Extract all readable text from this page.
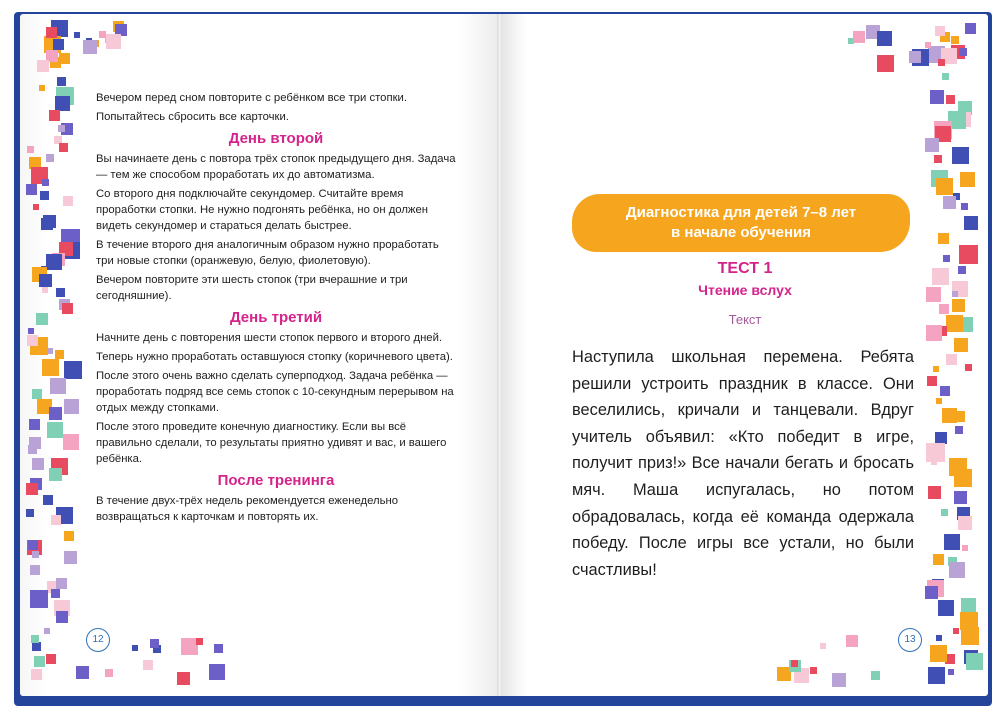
Вечером перед сном повторите с ребёнком все три стопки.

Попытайтесь сбросить все карточки.

День второй

Вы начинаете день с повтора трёх стопок предыдущего дня. Задача — тем же способом проработать их до автоматизма.

Со второго дня подключайте секундомер. Считайте время проработки стопки. Не нужно подгонять ребёнка, но он должен видеть секундомер и стараться делать быстрее.

В течение второго дня аналогичным образом нужно проработать три новые стопки (оранжевую, белую, фиолетовую).

Вечером повторите эти шесть стопок (три вчерашние и три сегодняшние).

День третий

Начните день с повторения шести стопок первого и второго дней.

Теперь нужно проработать оставшуюся стопку (коричневого цвета).

После этого очень важно сделать суперподход. Задача ребёнка — проработать подряд все семь стопок с 10-секундным перерывом на отдых между стопками.

После этого проведите конечную диагностику. Если вы всё правильно сделали, то результаты приятно удивят и вас, и вашего ребёнка.

После тренинга

В течение двух-трёх недель рекомендуется еженедельно возвращаться к карточкам и повторять их.

12
Диагностика для детей 7–8 лет
в начале обучения
ТЕСТ 1
Чтение вслух
Текст

Наступила школьная перемена. Ребята решили устроить праздник в классе. Они веселились, кричали и танцевали. Вдруг учитель объявил: «Кто победит в игре, получит приз!» Все начали бегать и бросать мяч. Маша испугалась, но потом обрадовалась, когда её команда одержала победу. После игры все устали, но были счастливы!

13
